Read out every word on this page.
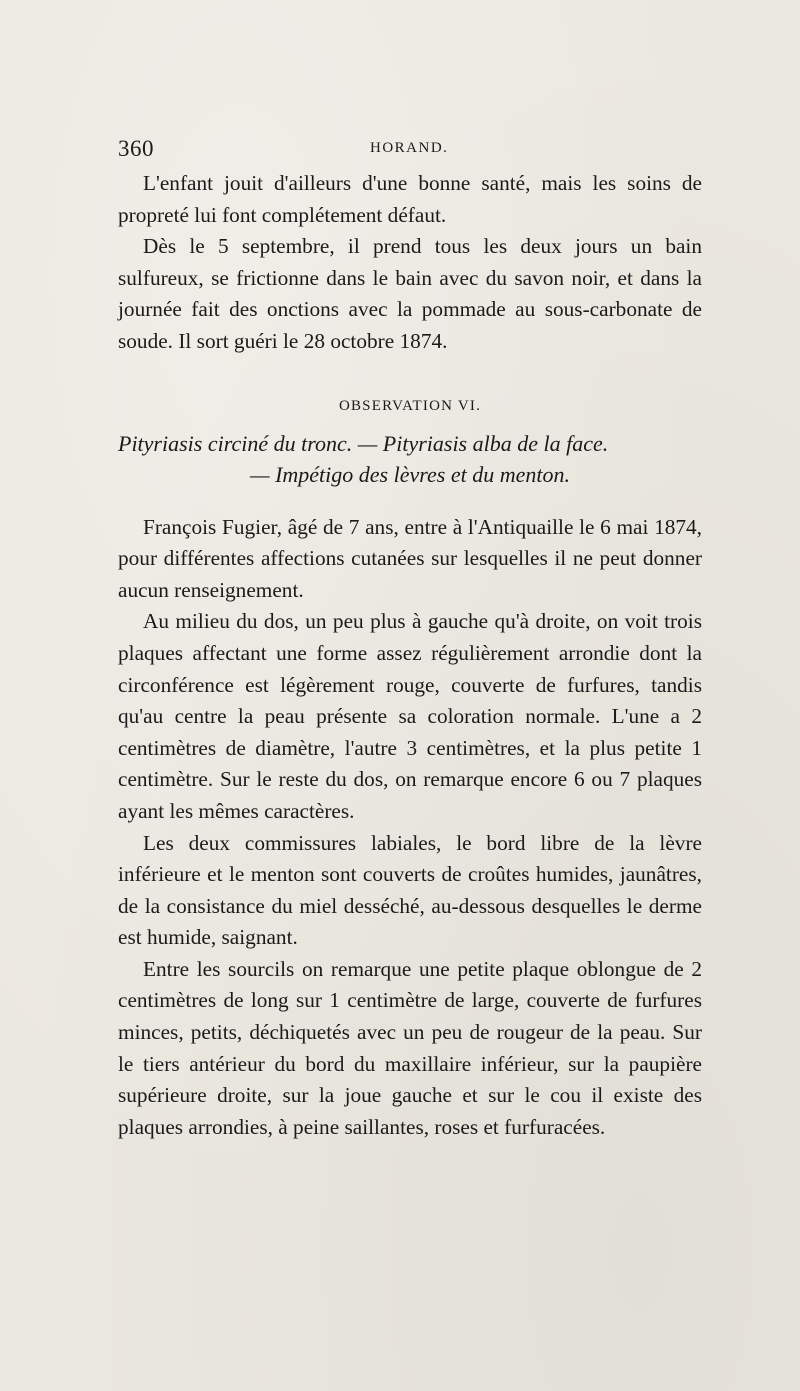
360	HORAND.

L'enfant jouit d'ailleurs d'une bonne santé, mais les soins de propreté lui font complétement défaut.

Dès le 5 septembre, il prend tous les deux jours un bain sulfureux, se frictionne dans le bain avec du savon noir, et dans la journée fait des onctions avec la pommade au sous-carbonate de soude. Il sort guéri le 28 octobre 1874.

OBSERVATION VI.

Pityriasis circiné du tronc. — Pityriasis alba de la face.
— Impétigo des lèvres et du menton.

François Fugier, âgé de 7 ans, entre à l'Antiquaille le 6 mai 1874, pour différentes affections cutanées sur lesquelles il ne peut donner aucun renseignement.

Au milieu du dos, un peu plus à gauche qu'à droite, on voit trois plaques affectant une forme assez régulièrement arrondie dont la circonférence est légèrement rouge, couverte de furfures, tandis qu'au centre la peau présente sa coloration normale. L'une a 2 centimètres de diamètre, l'autre 3 centimètres, et la plus petite 1 centimètre. Sur le reste du dos, on remarque encore 6 ou 7 plaques ayant les mêmes caractères.

Les deux commissures labiales, le bord libre de la lèvre inférieure et le menton sont couverts de croûtes humides, jaunâtres, de la consistance du miel desséché, au-dessous desquelles le derme est humide, saignant.

Entre les sourcils on remarque une petite plaque oblongue de 2 centimètres de long sur 1 centimètre de large, couverte de furfures minces, petits, déchiquetés avec un peu de rougeur de la peau. Sur le tiers antérieur du bord du maxillaire inférieur, sur la paupière supérieure droite, sur la joue gauche et sur le cou il existe des plaques arrondies, à peine saillantes, roses et furfuracées.
